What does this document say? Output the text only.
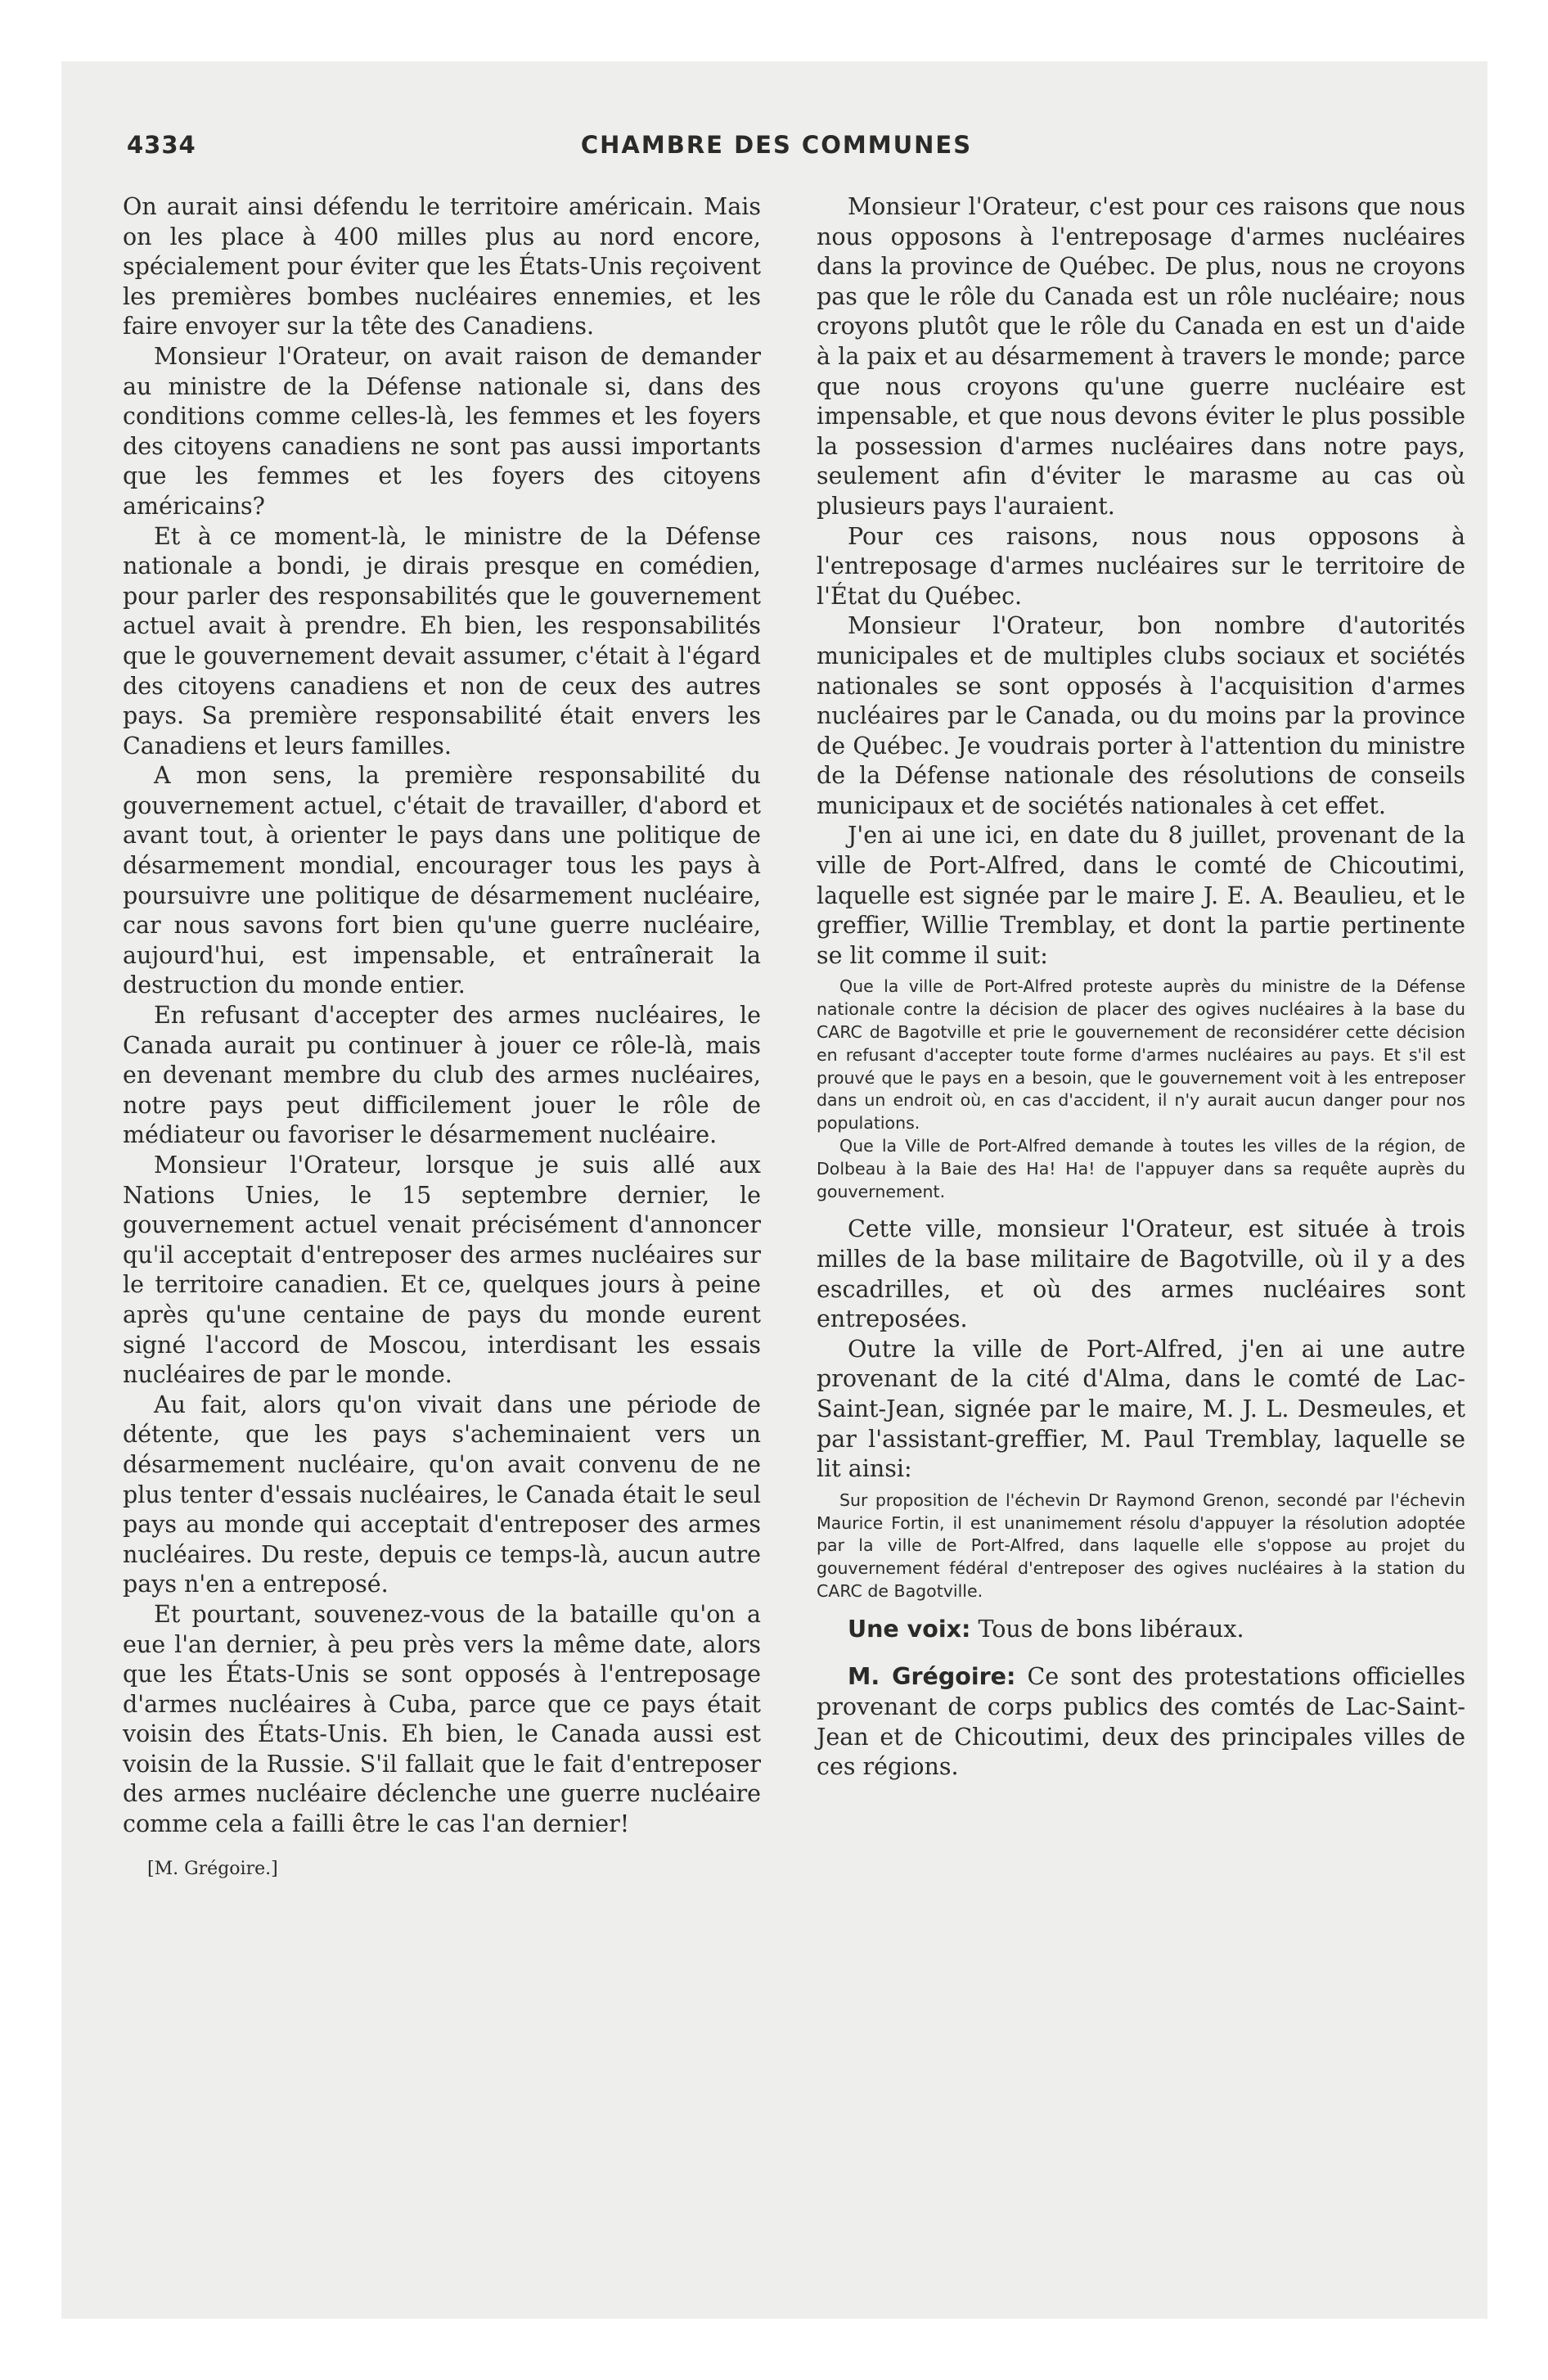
4334	CHAMBRE DES COMMUNES

On aurait ainsi défendu le territoire américain. Mais on les place à 400 milles plus au nord encore, spécialement pour éviter que les États-Unis reçoivent les premières bombes nucléaires ennemies, et les faire envoyer sur la tête des Canadiens.

Monsieur l'Orateur, on avait raison de demander au ministre de la Défense nationale si, dans des conditions comme celles-là, les femmes et les foyers des citoyens canadiens ne sont pas aussi importants que les femmes et les foyers des citoyens américains?

Et à ce moment-là, le ministre de la Défense nationale a bondi, je dirais presque en comédien, pour parler des responsabilités que le gouvernement actuel avait à prendre. Eh bien, les responsabilités que le gouvernement devait assumer, c'était à l'égard des citoyens canadiens et non de ceux des autres pays. Sa première responsabilité était envers les Canadiens et leurs familles.

A mon sens, la première responsabilité du gouvernement actuel, c'était de travailler, d'abord et avant tout, à orienter le pays dans une politique de désarmement mondial, encourager tous les pays à poursuivre une politique de désarmement nucléaire, car nous savons fort bien qu'une guerre nucléaire, aujourd'hui, est impensable, et entraînerait la destruction du monde entier.

En refusant d'accepter des armes nucléaires, le Canada aurait pu continuer à jouer ce rôle-là, mais en devenant membre du club des armes nucléaires, notre pays peut difficilement jouer le rôle de médiateur ou favoriser le désarmement nucléaire.

Monsieur l'Orateur, lorsque je suis allé aux Nations Unies, le 15 septembre dernier, le gouvernement actuel venait précisément d'annoncer qu'il acceptait d'entreposer des armes nucléaires sur le territoire canadien. Et ce, quelques jours à peine après qu'une centaine de pays du monde eurent signé l'accord de Moscou, interdisant les essais nucléaires de par le monde.

Au fait, alors qu'on vivait dans une période de détente, que les pays s'acheminaient vers un désarmement nucléaire, qu'on avait convenu de ne plus tenter d'essais nucléaires, le Canada était le seul pays au monde qui acceptait d'entreposer des armes nucléaires. Du reste, depuis ce temps-là, aucun autre pays n'en a entreposé.

Et pourtant, souvenez-vous de la bataille qu'on a eue l'an dernier, à peu près vers la même date, alors que les États-Unis se sont opposés à l'entreposage d'armes nucléaires à Cuba, parce que ce pays était voisin des États-Unis. Eh bien, le Canada aussi est voisin de la Russie. S'il fallait que le fait d'entreposer des armes nucléaire déclenche une guerre nucléaire comme cela a failli être le cas l'an dernier!

[M. Grégoire.]

Monsieur l'Orateur, c'est pour ces raisons que nous nous opposons à l'entreposage d'armes nucléaires dans la province de Québec. De plus, nous ne croyons pas que le rôle du Canada est un rôle nucléaire; nous croyons plutôt que le rôle du Canada en est un d'aide à la paix et au désarmement à travers le monde; parce que nous croyons qu'une guerre nucléaire est impensable, et que nous devons éviter le plus possible la possession d'armes nucléaires dans notre pays, seulement afin d'éviter le marasme au cas où plusieurs pays l'auraient.

Pour ces raisons, nous nous opposons à l'entreposage d'armes nucléaires sur le territoire de l'État du Québec.

Monsieur l'Orateur, bon nombre d'autorités municipales et de multiples clubs sociaux et sociétés nationales se sont opposés à l'acquisition d'armes nucléaires par le Canada, ou du moins par la province de Québec. Je voudrais porter à l'attention du ministre de la Défense nationale des résolutions de conseils municipaux et de sociétés nationales à cet effet.

J'en ai une ici, en date du 8 juillet, provenant de la ville de Port-Alfred, dans le comté de Chicoutimi, laquelle est signée par le maire J. E. A. Beaulieu, et le greffier, Willie Tremblay, et dont la partie pertinente se lit comme il suit:

Que la ville de Port-Alfred proteste auprès du ministre de la Défense nationale contre la décision de placer des ogives nucléaires à la base du CARC de Bagotville et prie le gouvernement de reconsidérer cette décision en refusant d'accepter toute forme d'armes nucléaires au pays. Et s'il est prouvé que le pays en a besoin, que le gouvernement voit à les entreposer dans un endroit où, en cas d'accident, il n'y aurait aucun danger pour nos populations.

Que la Ville de Port-Alfred demande à toutes les villes de la région, de Dolbeau à la Baie des Ha! Ha! de l'appuyer dans sa requête auprès du gouvernement.

Cette ville, monsieur l'Orateur, est située à trois milles de la base militaire de Bagotville, où il y a des escadrilles, et où des armes nucléaires sont entreposées.

Outre la ville de Port-Alfred, j'en ai une autre provenant de la cité d'Alma, dans le comté de Lac-Saint-Jean, signée par le maire, M. J. L. Desmeules, et par l'assistant-greffier, M. Paul Tremblay, laquelle se lit ainsi:

Sur proposition de l'échevin Dr Raymond Grenon, secondé par l'échevin Maurice Fortin, il est unanimement résolu d'appuyer la résolution adoptée par la ville de Port-Alfred, dans laquelle elle s'oppose au projet du gouvernement fédéral d'entreposer des ogives nucléaires à la station du CARC de Bagotville.

Une voix: Tous de bons libéraux.

M. Grégoire: Ce sont des protestations officielles provenant de corps publics des comtés de Lac-Saint-Jean et de Chicoutimi, deux des principales villes de ces régions.
